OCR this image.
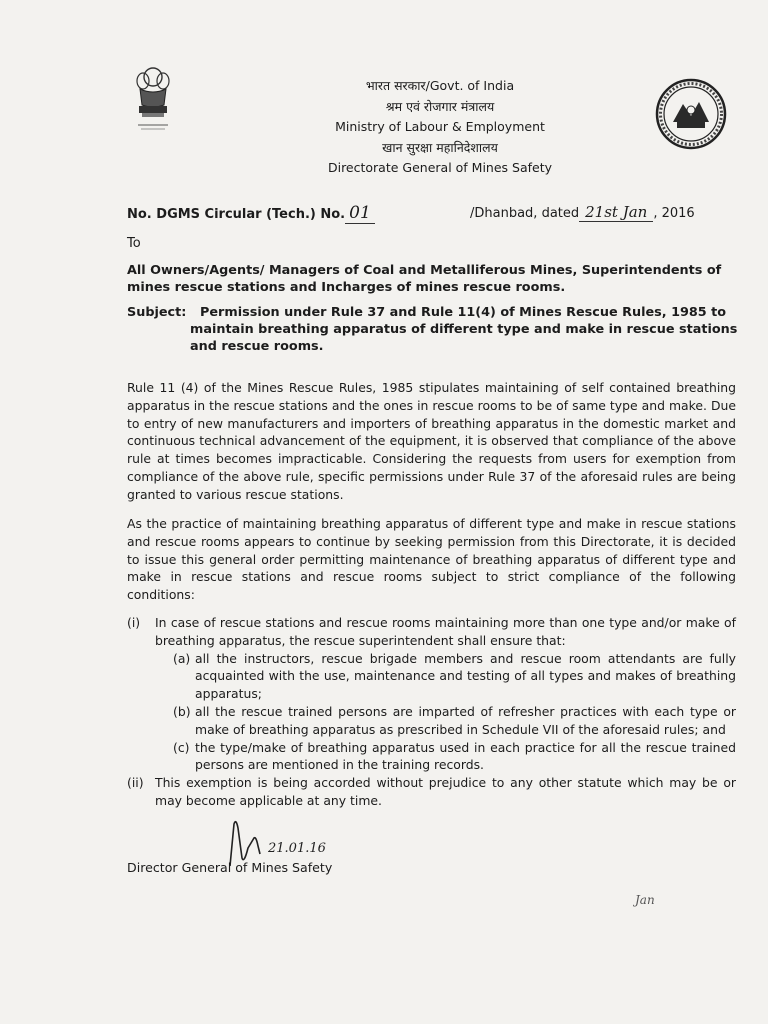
भारत सरकार/Govt. of India
श्रम एवं रोजगार मंत्रालय
Ministry of Labour & Employment
खान सुरक्षा महानिदेशालय
Directorate General of Mines Safety
No. DGMS Circular (Tech.) No. 01	/Dhanbad, dated 21st Jan , 2016
To
All Owners/Agents/ Managers of Coal and Metalliferous Mines, Superintendents of mines rescue stations and Incharges of mines rescue rooms.
Subject:	Permission under Rule 37 and Rule 11(4) of Mines Rescue Rules, 1985 to maintain breathing apparatus of different type and make in rescue stations and rescue rooms.
Rule 11 (4) of the Mines Rescue Rules, 1985 stipulates maintaining of self contained breathing apparatus in the rescue stations and the ones in rescue rooms to be of same type and make. Due to entry of new manufacturers and importers of breathing apparatus in the domestic market and continuous technical advancement of the equipment, it is observed that compliance of the above rule at times becomes impracticable. Considering the requests from users for exemption from compliance of the above rule, specific permissions under Rule 37 of the aforesaid rules are being granted to various rescue stations.
As the practice of maintaining breathing apparatus of different type and make in rescue stations and rescue rooms appears to continue by seeking permission from this Directorate, it is decided to issue this general order permitting maintenance of breathing apparatus of different type and make in rescue stations and rescue rooms subject to strict compliance of the following conditions:
(i) In case of rescue stations and rescue rooms maintaining more than one type and/or make of breathing apparatus, the rescue superintendent shall ensure that:
(a) all the instructors, rescue brigade members and rescue room attendants are fully acquainted with the use, maintenance and testing of all types and makes of breathing apparatus;
(b) all the rescue trained persons are imparted of refresher practices with each type or make of breathing apparatus as prescribed in Schedule VII of the aforesaid rules; and
(c) the type/make of breathing apparatus used in each practice for all the rescue trained persons are mentioned in the training records.
(ii) This exemption is being accorded without prejudice to any other statute which may be or may become applicable at any time.
21.01.16
Director General of Mines Safety
Jan
